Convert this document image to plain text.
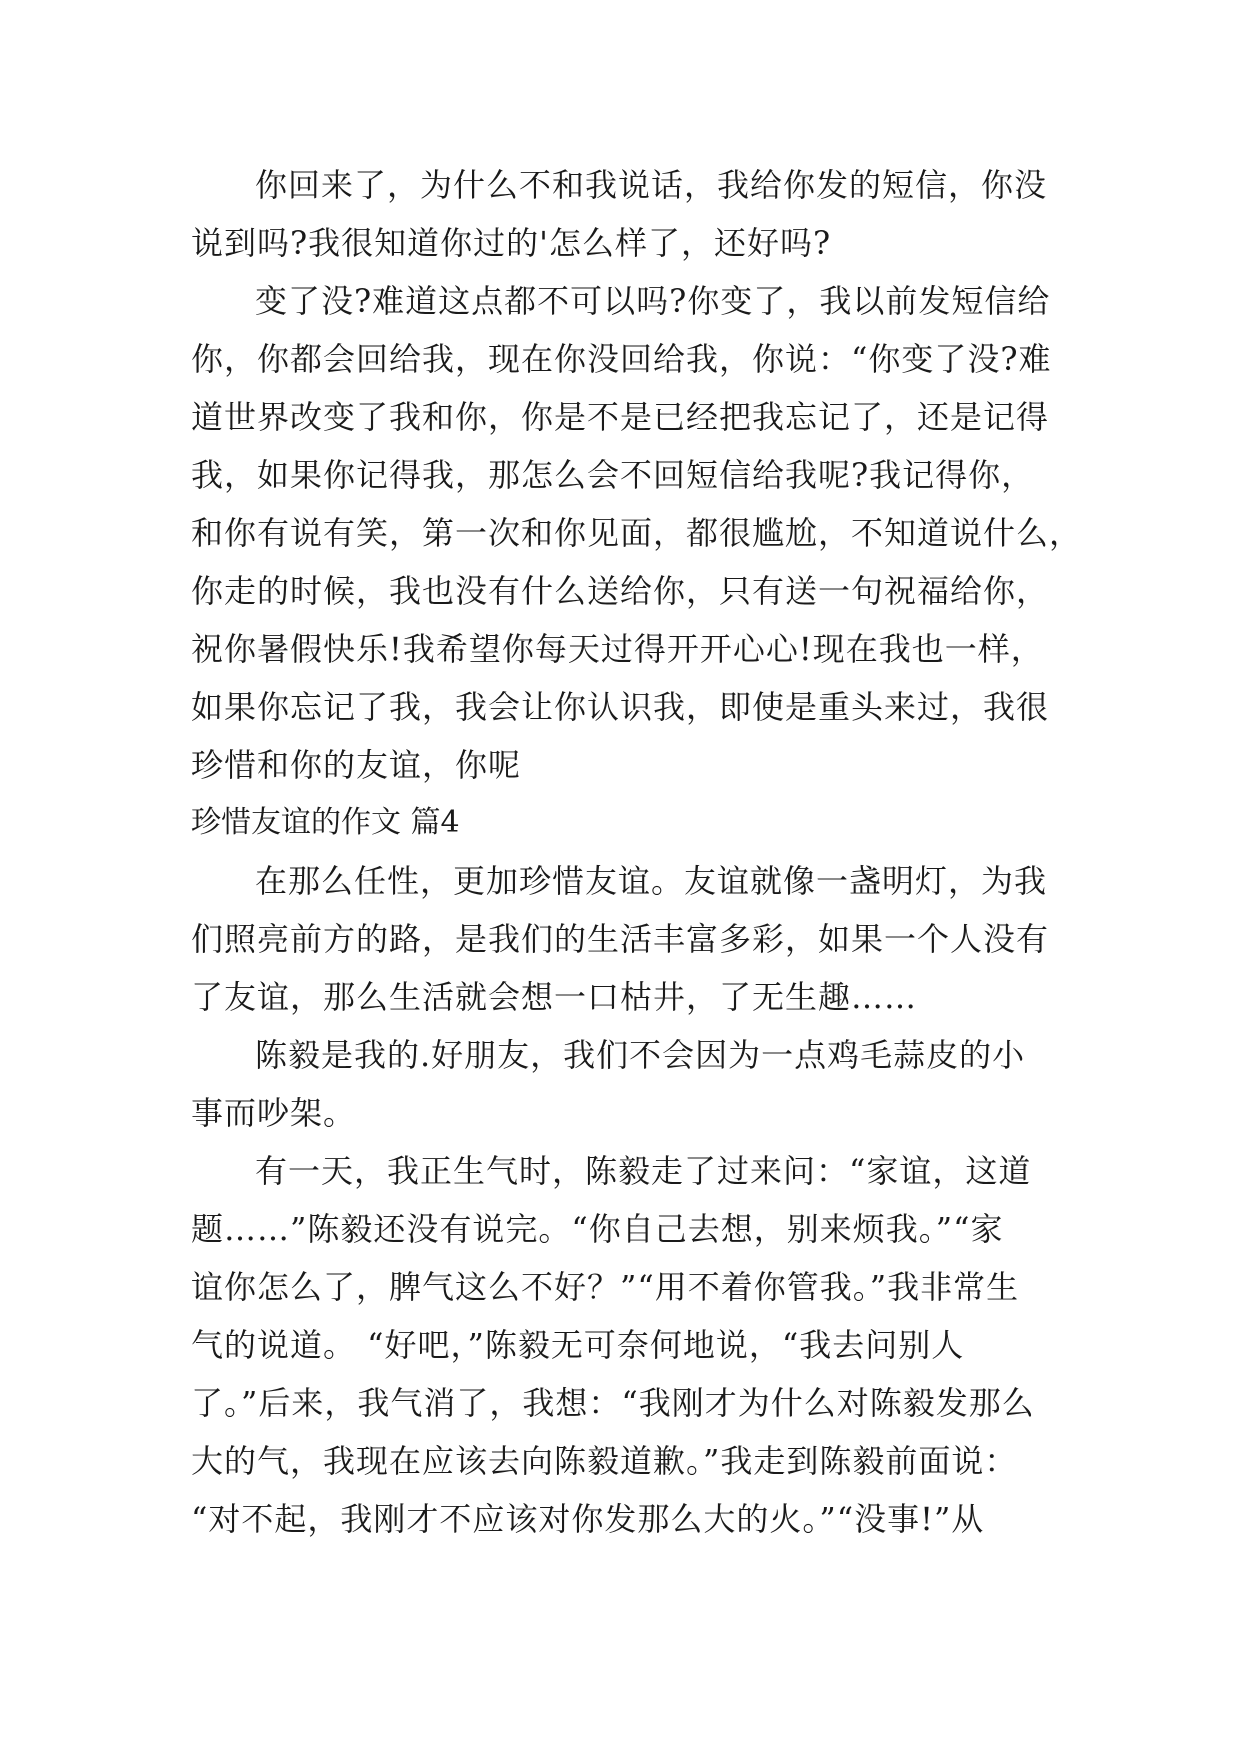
你回来了，为什么不和我说话，我给你发的短信，你没
说到吗?我很知道你过的'怎么样了，还好吗?
变了没?难道这点都不可以吗?你变了，我以前发短信给
你，你都会回给我，现在你没回给我，你说：“你变了没?难
道世界改变了我和你，你是不是已经把我忘记了，还是记得
我，如果你记得我，那怎么会不回短信给我呢?我记得你，
和你有说有笑，第一次和你见面，都很尴尬，不知道说什么，
你走的时候，我也没有什么送给你，只有送一句祝福给你，
祝你暑假快乐!我希望你每天过得开开心心!现在我也一样，
如果你忘记了我，我会让你认识我，即使是重头来过，我很
珍惜和你的友谊，你呢
珍惜友谊的作文 篇4
在那么任性，更加珍惜友谊。友谊就像一盏明灯，为我
们照亮前方的路，是我们的生活丰富多彩，如果一个人没有
了友谊，那么生活就会想一口枯井，了无生趣……
陈毅是我的.好朋友，我们不会因为一点鸡毛蒜皮的小
事而吵架。
有一天，我正生气时，陈毅走了过来问：“家谊，这道
题……”陈毅还没有说完。“你自己去想，别来烦我。”“家
谊你怎么了，脾气这么不好？”“用不着你管我。”我非常生
气的说道。 “好吧，”陈毅无可奈何地说，“我去问别人
了。”后来，我气消了，我想：“我刚才为什么对陈毅发那么
大的气，我现在应该去向陈毅道歉。”我走到陈毅前面说：
“对不起，我刚才不应该对你发那么大的火。”“没事!”从
